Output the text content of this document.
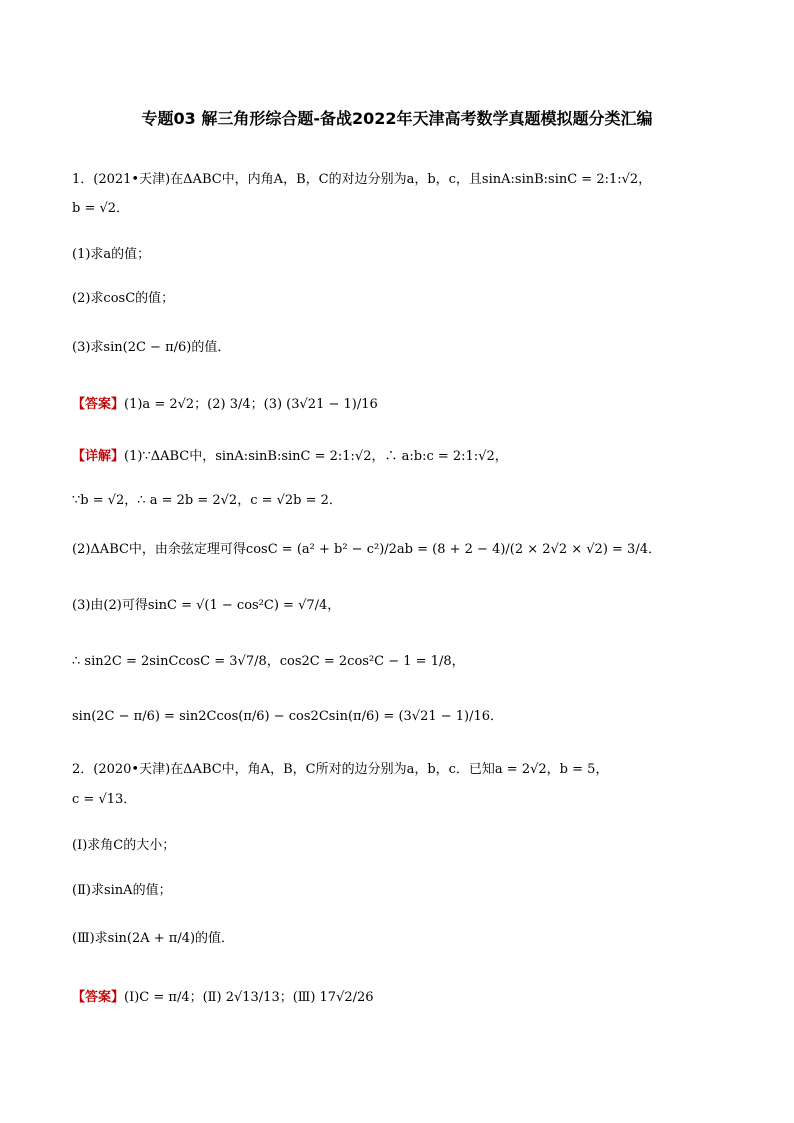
专题03 解三角形综合题-备战2022年天津高考数学真题模拟题分类汇编
1．(2021•天津)在ΔABC中，内角A，B，C的对边分别为a，b，c，且sinA:sinB:sinC = 2:1:√2，
b = √2．
(1)求a的值；
(2)求cosC的值；
(3)求sin(2C − π/6)的值．
【答案】(1)a = 2√2；(2) 3/4；(3) (3√21 − 1)/16
【详解】(1)∵ΔABC中，sinA:sinB:sinC = 2:1:√2，∴ a:b:c = 2:1:√2，
∵b = √2，∴ a = 2b = 2√2，c = √2b = 2．
(2)ΔABC中，由余弦定理可得cosC = (a² + b² − c²)/2ab = (8 + 2 − 4)/(2 × 2√2 × √2) = 3/4．
(3)由(2)可得sinC = √(1 − cos²C) = √7/4，
∴ sin2C = 2sinCcosC = 3√7/8，cos2C = 2cos²C − 1 = 1/8，
sin(2C − π/6) = sin2Ccos(π/6) − cos2Csin(π/6) = (3√21 − 1)/16．
2．(2020•天津)在ΔABC中，角A，B，C所对的边分别为a，b，c．已知a = 2√2，b = 5，
c = √13．
(Ⅰ)求角C的大小；
(Ⅱ)求sinA的值；
(Ⅲ)求sin(2A + π/4)的值．
【答案】(Ⅰ)C = π/4；(Ⅱ) 2√13/13；(Ⅲ) 17√2/26
